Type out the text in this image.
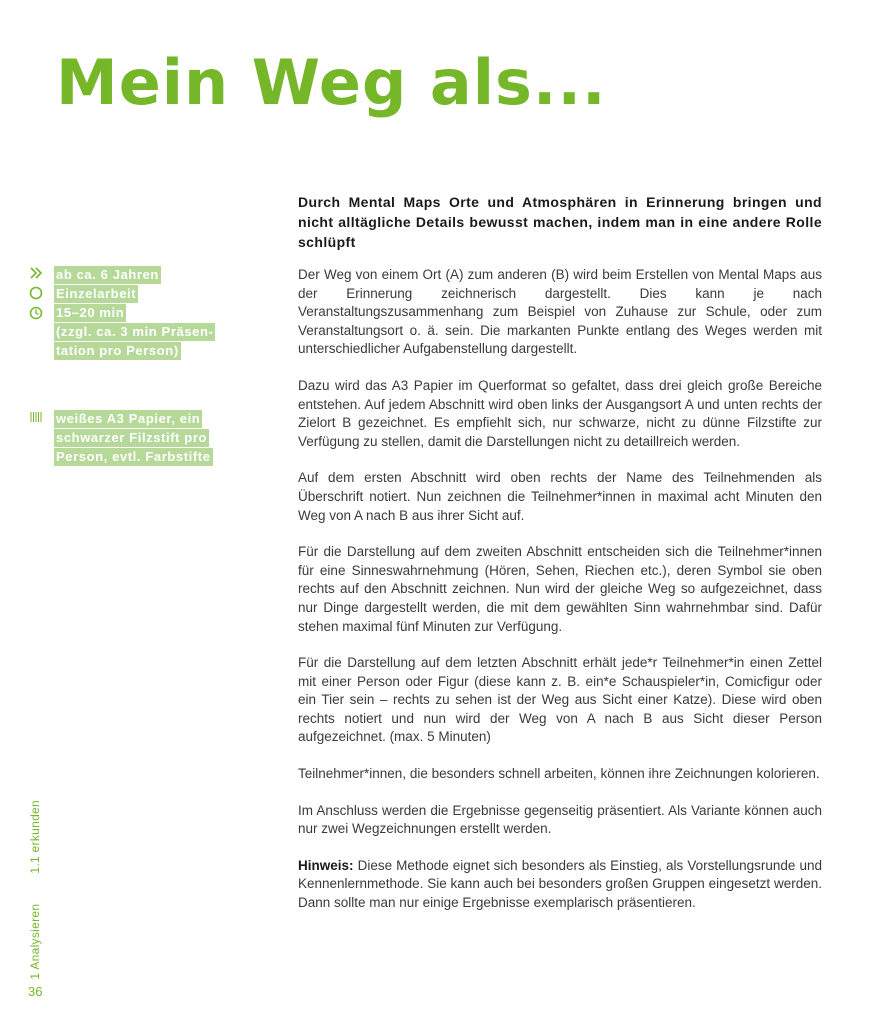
Mein Weg als...
Durch Mental Maps Orte und Atmosphären in Erinnerung bringen und nicht alltägliche Details bewusst machen, indem man in eine andere Rolle schlüpft
ab ca. 6 Jahren
Einzelarbeit
15–20 min
(zzgl. ca. 3 min Präsen-
tation pro Person)
weißes A3 Papier, ein
schwarzer Filzstift pro
Person, evtl. Farbstifte

Der Weg von einem Ort (A) zum anderen (B) wird beim Erstellen von Mental Maps aus der Erinnerung zeichnerisch dargestellt. Dies kann je nach Veranstaltungszusammenhang zum Beispiel von Zuhause zur Schule, oder zum Veranstaltungsort o. ä. sein. Die markanten Punkte entlang des Weges werden mit unterschiedlicher Aufgabenstellung dargestellt.

Dazu wird das A3 Papier im Querformat so gefaltet, dass drei gleich große Bereiche entstehen. Auf jedem Abschnitt wird oben links der Ausgangsort A und unten rechts der Zielort B gezeichnet. Es empfiehlt sich, nur schwarze, nicht zu dünne Filzstifte zur Verfügung zu stellen, damit die Darstellungen nicht zu detaillreich werden.

Auf dem ersten Abschnitt wird oben rechts der Name des Teilnehmenden als Überschrift notiert. Nun zeichnen die Teilnehmer*innen in maximal acht Minuten den Weg von A nach B aus ihrer Sicht auf.

Für die Darstellung auf dem zweiten Abschnitt entscheiden sich die Teilnehmer*innen für eine Sinneswahrnehmung (Hören, Sehen, Riechen etc.), deren Symbol sie oben rechts auf den Abschnitt zeichnen. Nun wird der gleiche Weg so aufgezeichnet, dass nur Dinge dargestellt werden, die mit dem gewählten Sinn wahrnehmbar sind. Dafür stehen maximal fünf Minuten zur Verfügung.

Für die Darstellung auf dem letzten Abschnitt erhält jede*r Teilnehmer*in einen Zettel mit einer Person oder Figur (diese kann z. B. ein*e Schauspieler*in, Comicfigur oder ein Tier sein – rechts zu sehen ist der Weg aus Sicht einer Katze). Diese wird oben rechts notiert und nun wird der Weg von A nach B aus Sicht dieser Person aufgezeichnet. (max. 5 Minuten)

Teilnehmer*innen, die besonders schnell arbeiten, können ihre Zeichnungen kolorieren.

Im Anschluss werden die Ergebnisse gegenseitig präsentiert. Als Variante können auch nur zwei Wegzeichnungen erstellt werden.

Hinweis: Diese Methode eignet sich besonders als Einstieg, als Vorstellungsrunde und Kennenlernmethode. Sie kann auch bei besonders großen Gruppen eingesetzt werden. Dann sollte man nur einige Ergebnisse exemplarisch präsentieren.

1 Analysieren1.1 erkunden
36
